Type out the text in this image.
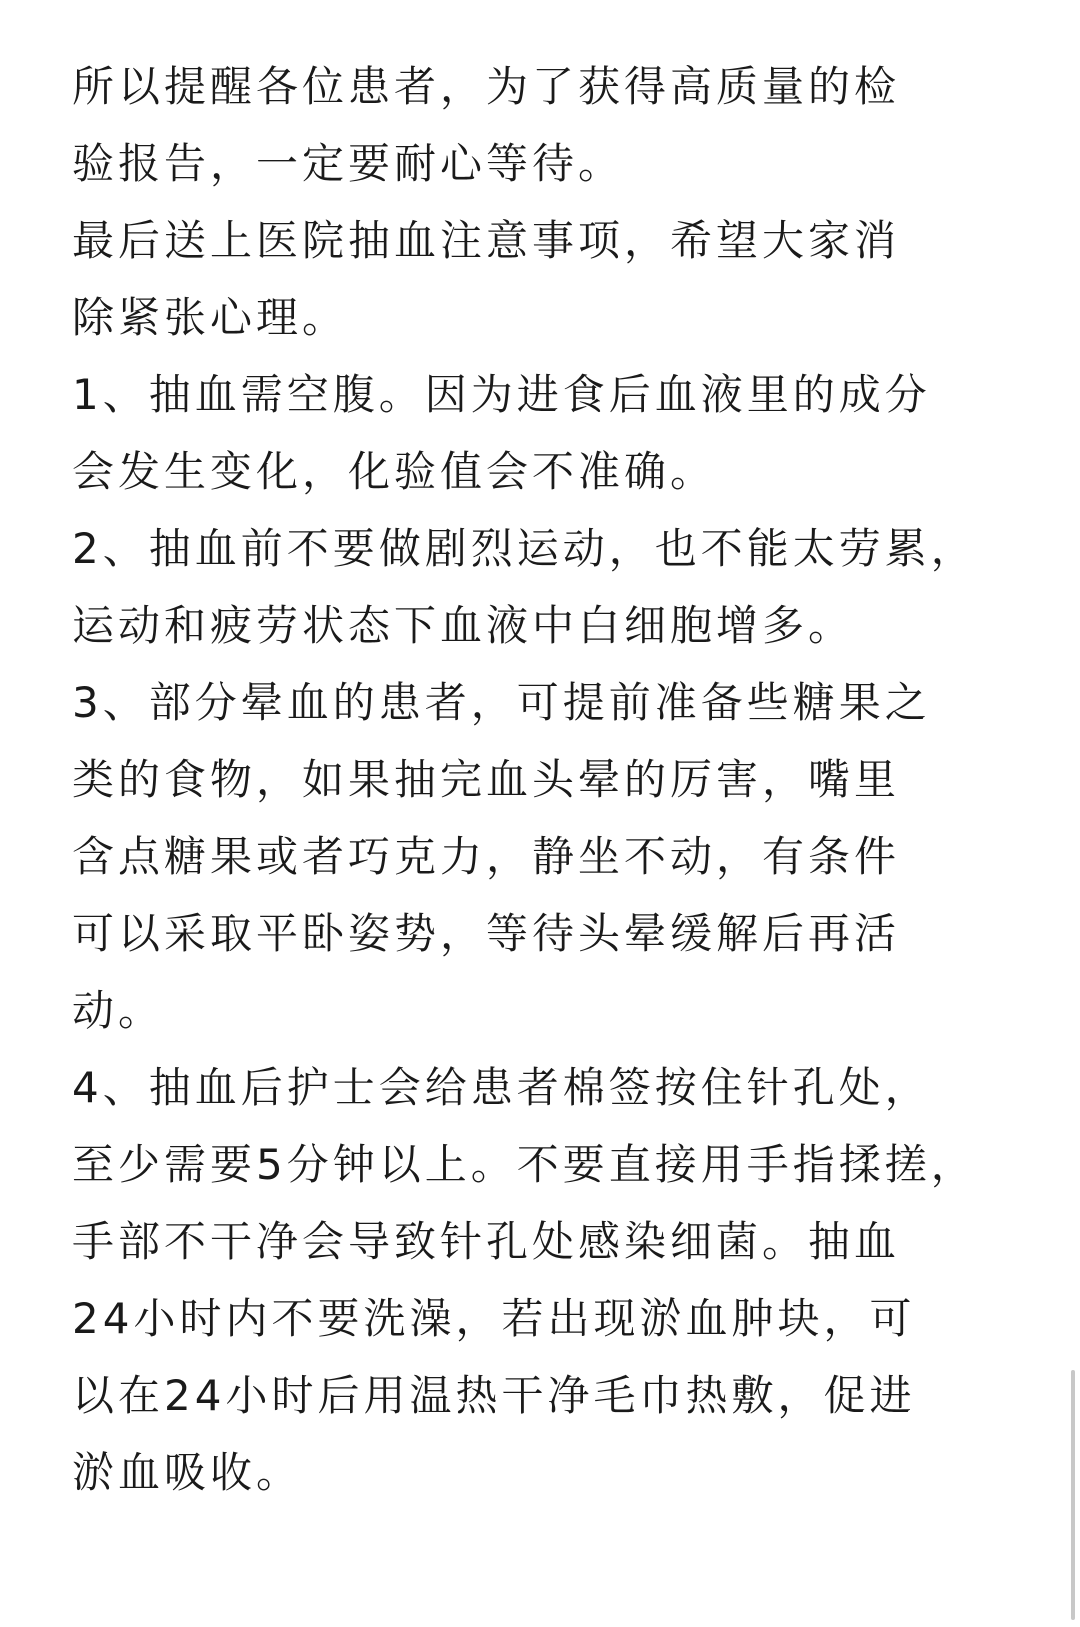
所以提醒各位患者，为了获得高质量的检
验报告，一定要耐心等待。
最后送上医院抽血注意事项，希望大家消
除紧张心理。
1、抽血需空腹。因为进食后血液里的成分
会发生变化，化验值会不准确。
2、抽血前不要做剧烈运动，也不能太劳累，
运动和疲劳状态下血液中白细胞增多。
3、部分晕血的患者，可提前准备些糖果之
类的食物，如果抽完血头晕的厉害，嘴里
含点糖果或者巧克力，静坐不动，有条件
可以采取平卧姿势，等待头晕缓解后再活
动。
4、抽血后护士会给患者棉签按住针孔处，
至少需要5分钟以上。不要直接用手指揉搓，
手部不干净会导致针孔处感染细菌。抽血
24小时内不要洗澡，若出现淤血肿块，可
以在24小时后用温热干净毛巾热敷，促进
淤血吸收。
